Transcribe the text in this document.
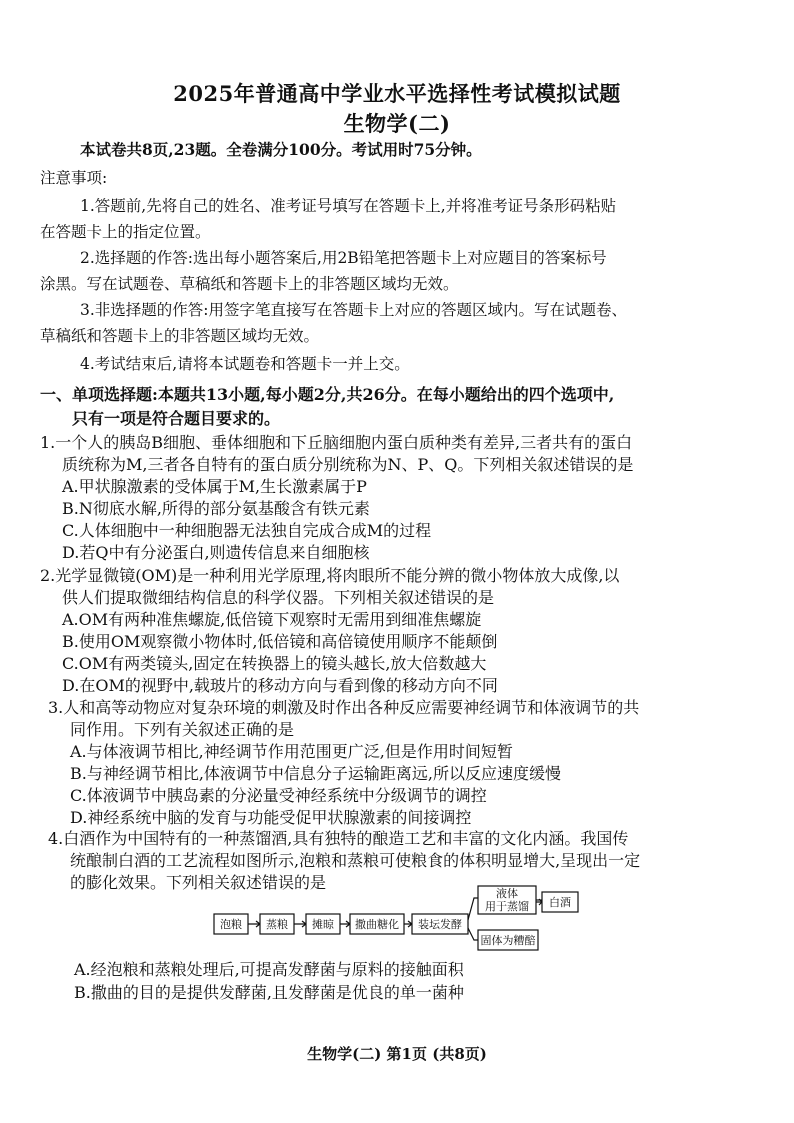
2025年普通高中学业水平选择性考试模拟试题
生物学(二)
本试卷共8页,23题。全卷满分100分。考试用时75分钟。
注意事项:
1.答题前,先将自己的姓名、准考证号填写在答题卡上,并将准考证号条形码粘贴
在答题卡上的指定位置。
2.选择题的作答:选出每小题答案后,用2B铅笔把答题卡上对应题目的答案标号
涂黑。写在试题卷、草稿纸和答题卡上的非答题区域均无效。
3.非选择题的作答:用签字笔直接写在答题卡上对应的答题区域内。写在试题卷、
草稿纸和答题卡上的非答题区域均无效。
4.考试结束后,请将本试题卷和答题卡一并上交。
一、单项选择题:本题共13小题,每小题2分,共26分。在每小题给出的四个选项中,
只有一项是符合题目要求的。
1.一个人的胰岛B细胞、垂体细胞和下丘脑细胞内蛋白质种类有差异,三者共有的蛋白
质统称为M,三者各自特有的蛋白质分别统称为N、P、Q。下列相关叙述错误的是
A.甲状腺激素的受体属于M,生长激素属于P
B.N彻底水解,所得的部分氨基酸含有铁元素
C.人体细胞中一种细胞器无法独自完成合成M的过程
D.若Q中有分泌蛋白,则遗传信息来自细胞核
2.光学显微镜(OM)是一种利用光学原理,将肉眼所不能分辨的微小物体放大成像,以
供人们提取微细结构信息的科学仪器。下列相关叙述错误的是
A.OM有两种准焦螺旋,低倍镜下观察时无需用到细准焦螺旋
B.使用OM观察微小物体时,低倍镜和高倍镜使用顺序不能颠倒
C.OM有两类镜头,固定在转换器上的镜头越长,放大倍数越大
D.在OM的视野中,载玻片的移动方向与看到像的移动方向不同
3.人和高等动物应对复杂环境的刺激及时作出各种反应需要神经调节和体液调节的共
同作用。下列有关叙述正确的是
A.与体液调节相比,神经调节作用范围更广泛,但是作用时间短暂
B.与神经调节相比,体液调节中信息分子运输距离远,所以反应速度缓慢
C.体液调节中胰岛素的分泌量受神经系统中分级调节的调控
D.神经系统中脑的发育与功能受促甲状腺激素的间接调控
4.白酒作为中国特有的一种蒸馏酒,具有独特的酿造工艺和丰富的文化内涵。我国传
统酿制白酒的工艺流程如图所示,泡粮和蒸粮可使粮食的体积明显增大,呈现出一定
的膨化效果。下列相关叙述错误的是
泡粮 蒸粮 摊晾 撒曲糖化 装坛发酵
液体
用于蒸馏
固体为糟醅
白酒
A.经泡粮和蒸粮处理后,可提高发酵菌与原料的接触面积
B.撒曲的目的是提供发酵菌,且发酵菌是优良的单一菌种
生物学(二) 第1页 (共8页)
